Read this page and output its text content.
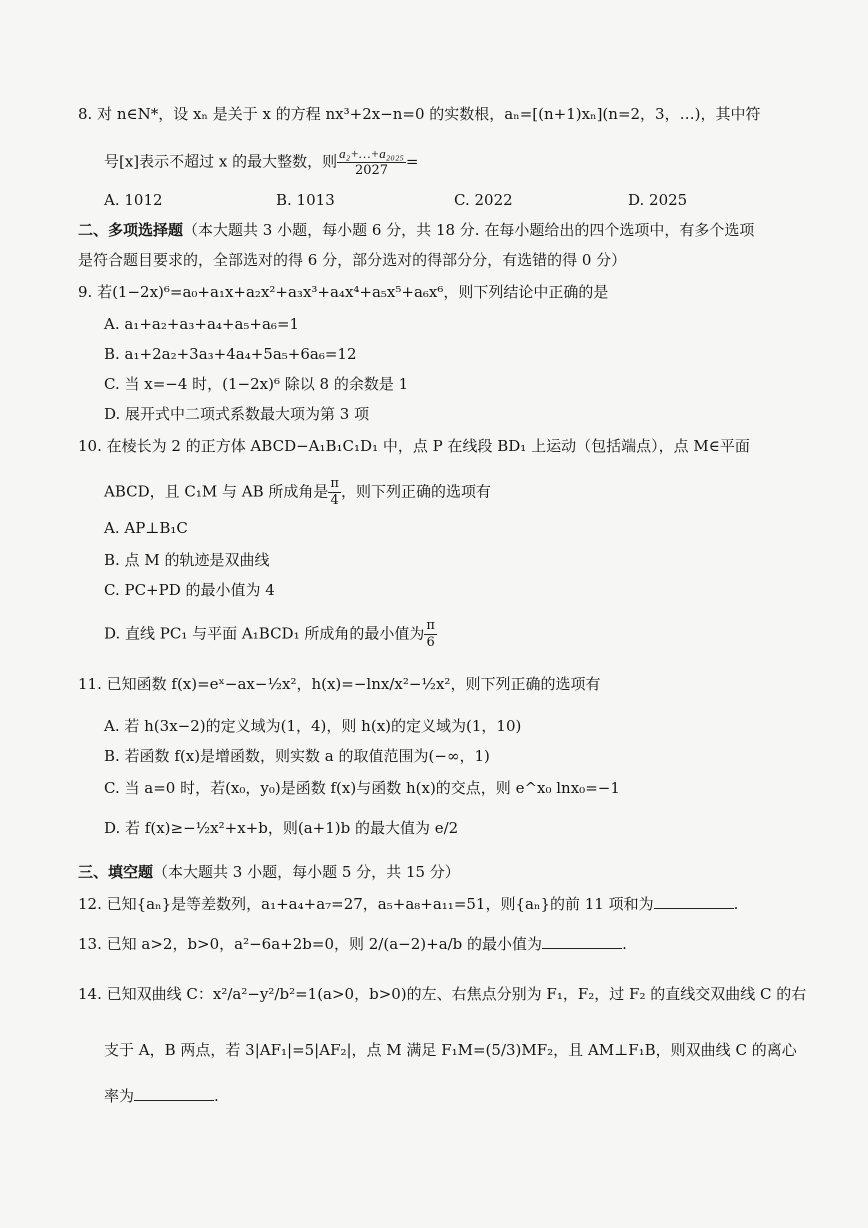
8. 对 n∈N*，设 xₙ 是关于 x 的方程 nx³+2x−n=0 的实数根，aₙ=[(n+1)xₙ](n=2，3，…)，其中符
号[x]表示不超过 x 的最大整数，则 $\frac{\text{a₂+…+a₂₀₂₅}}{2027}$ =
A. 1012	B. 1013	C. 2022	D. 2025
二、多项选择题（本大题共 3 小题，每小题 6 分，共 18 分. 在每小题给出的四个选项中，有多个选项
是符合题目要求的，全部选对的得 6 分，部分选对的得部分分，有选错的得 0 分）
9. 若(1−2x)⁶=a₀+a₁x+a₂x²+a₃x³+a₄x⁴+a₅x⁵+a₆x⁶，则下列结论中正确的是
A. a₁+a₂+a₃+a₄+a₅+a₆=1
B. a₁+2a₂+3a₃+4a₄+5a₅+6a₆=12
C. 当 x=−4 时，(1−2x)⁶ 除以 8 的余数是 1
D. 展开式中二项式系数最大项为第 3 项
10. 在棱长为 2 的正方体 ABCD−A₁B₁C₁D₁ 中，点 P 在线段 BD₁ 上运动（包括端点），点 M∈平面
ABCD，且 C₁M 与 AB 所成角是 $\frac{\pi}{4}$ ，则下列正确的选项有
A. AP⊥B₁C
B. 点 M 的轨迹是双曲线
C. PC+PD 的最小值为 4
D. 直线 PC₁ 与平面 A₁BCD₁ 所成角的最小值为 $\frac{\pi}{6}$
11. 已知函数 f(x)=eˣ−ax−½x²，h(x)=−lnx/x²−½x²，则下列正确的选项有
A. 若 h(3x−2)的定义域为(1，4)，则 h(x)的定义域为(1，10)
B. 若函数 f(x)是增函数，则实数 a 的取值范围为(−∞，1)
C. 当 a=0 时，若(x₀，y₀)是函数 f(x)与函数 h(x)的交点，则 e^x₀ lnx₀=−1
D. 若 f(x)≥−½x²+x+b，则(a+1)b 的最大值为 e/2
三、填空题（本大题共 3 小题，每小题 5 分，共 15 分）
12. 已知{aₙ}是等差数列，a₁+a₄+a₇=27，a₅+a₈+a₁₁=51，则{aₙ}的前 11 项和为	.
13. 已知 a>2，b>0，a²−6a+2b=0，则 2/(a−2)+a/b 的最小值为	.
14. 已知双曲线 C：x²/a²−y²/b²=1(a>0，b>0)的左、右焦点分别为 F₁，F₂，过 F₂ 的直线交双曲线 C 的右
支于 A，B 两点，若 3|AF₁|=5|AF₂|，点 M 满足 F₁M=(5/3)MF₂，且 AM⊥F₁B，则双曲线 C 的离心
率为	.
